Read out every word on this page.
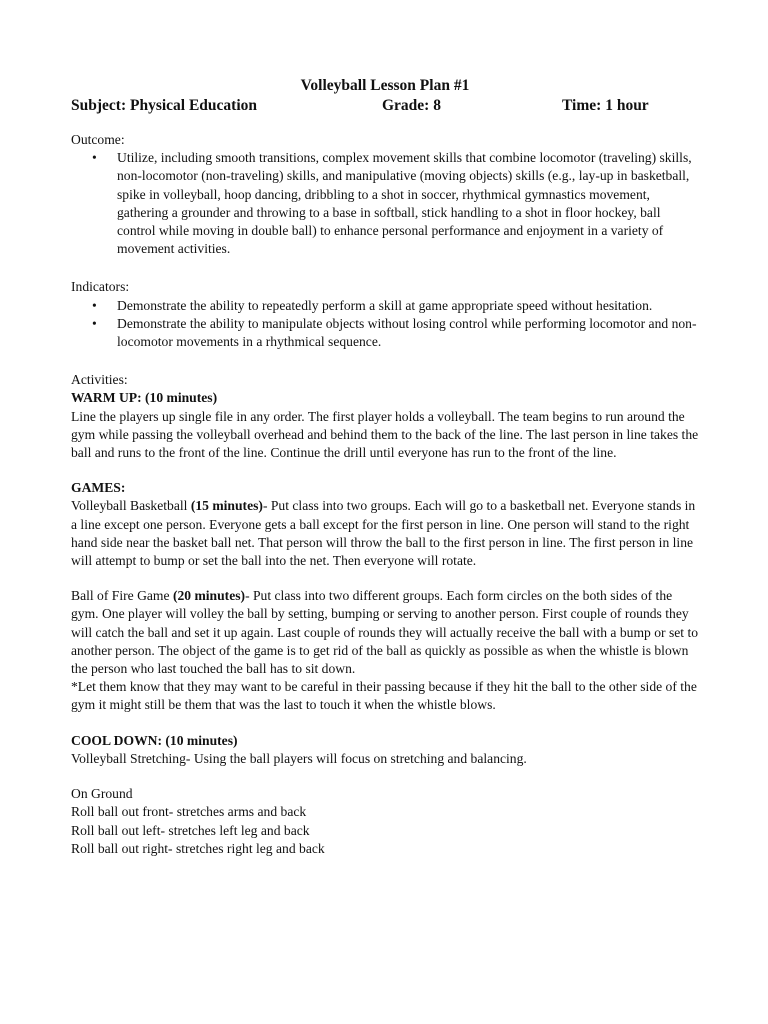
Volleyball Lesson Plan #1

Subject: Physical Education	Grade: 8	Time: 1 hour

Outcome:

• Utilize, including smooth transitions, complex movement skills that combine locomotor (traveling) skills, non-locomotor (non-traveling) skills, and manipulative (moving objects) skills (e.g., lay-up in basketball, spike in volleyball, hoop dancing, dribbling to a shot in soccer, rhythmical gymnastics movement, gathering a grounder and throwing to a base in softball, stick handling to a shot in floor hockey, ball control while moving in double ball) to enhance personal performance and enjoyment in a variety of movement activities.

Indicators:

• Demonstrate the ability to repeatedly perform a skill at game appropriate speed without hesitation.
• Demonstrate the ability to manipulate objects without losing control while performing locomotor and non-locomotor movements in a rhythmical sequence.

Activities:

WARM UP: (10 minutes)

Line the players up single file in any order. The first player holds a volleyball. The team begins to run around the gym while passing the volleyball overhead and behind them to the back of the line. The last person in line takes the ball and runs to the front of the line. Continue the drill until everyone has run to the front of the line.

GAMES:

Volleyball Basketball (15 minutes)- Put class into two groups. Each will go to a basketball net. Everyone stands in a line except one person. Everyone gets a ball except for the first person in line. One person will stand to the right hand side near the basket ball net. That person will throw the ball to the first person in line. The first person in line will attempt to bump or set the ball into the net. Then everyone will rotate.

Ball of Fire Game (20 minutes)- Put class into two different groups. Each form circles on the both sides of the gym. One player will volley the ball by setting, bumping or serving to another person. First couple of rounds they will catch the ball and set it up again. Last couple of rounds they will actually receive the ball with a bump or set to another person. The object of the game is to get rid of the ball as quickly as possible as when the whistle is blown the person who last touched the ball has to sit down.

*Let them know that they may want to be careful in their passing because if they hit the ball to the other side of the gym it might still be them that was the last to touch it when the whistle blows.

COOL DOWN: (10 minutes)

Volleyball Stretching- Using the ball players will focus on stretching and balancing.

On Ground

Roll ball out front- stretches arms and back

Roll ball out left- stretches left leg and back

Roll ball out right- stretches right leg and back
